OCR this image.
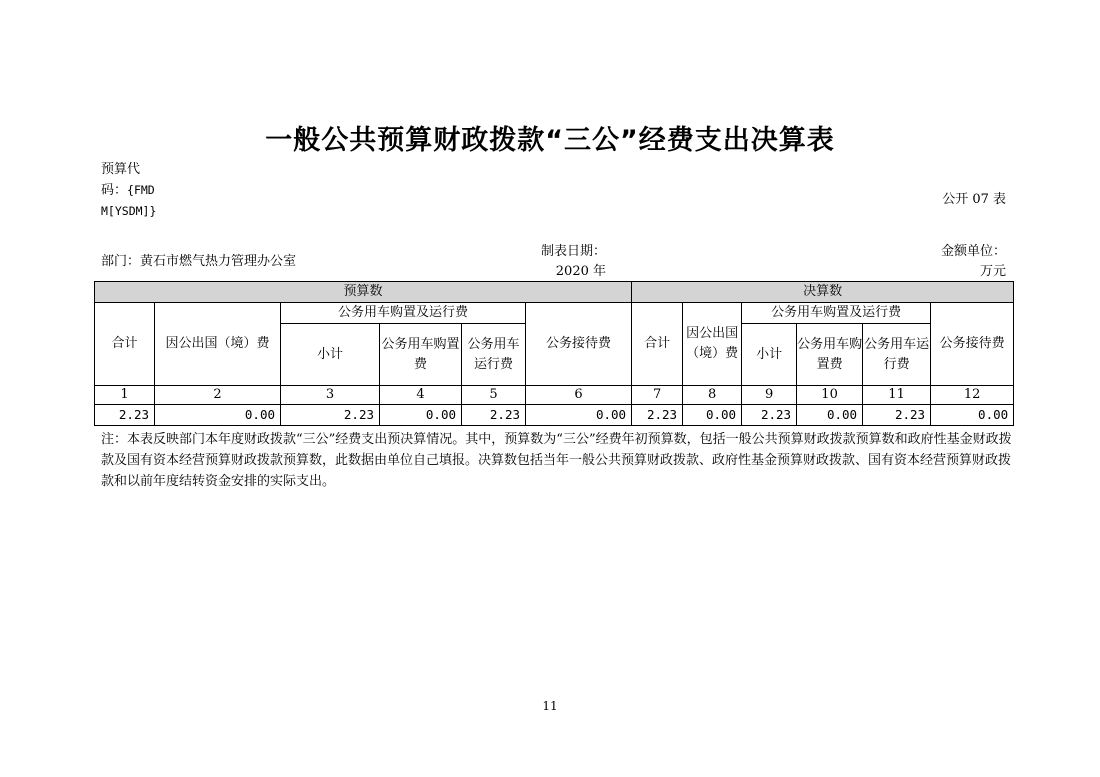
一般公共预算财政拨款“三公”经费支出决算表
预算代码：{FMDM[YSDM]}
公开 07 表
部门：黄石市燃气热力管理办公室
制表日期：
2020 年
金额单位：
万元
预算数						决算数					
合计	因公出国（境）费	公务用车购置及运行费			公务接待费	合计	因公出国（境）费	公务用车购置及运行费			公务接待费
		小计	公务用车购置费	公务用车运行费				小计	公务用车购置费	公务用车运行费	
1	2	3	4	5	6	7	8	9	10	11	12
2.23	0.00	2.23	0.00	2.23	0.00	2.23	0.00	2.23	0.00	2.23	0.00
注：本表反映部门本年度财政拨款“三公”经费支出预决算情况。其中，预算数为“三公”经费年初预算数，包括一般公共预算财政拨款预算数和政府性基金财政拨款及国有资本经营预算财政拨款预算数，此数据由单位自己填报。决算数包括当年一般公共预算财政拨款、政府性基金预算财政拨款、国有资本经营预算财政拨款和以前年度结转资金安排的实际支出。
11
